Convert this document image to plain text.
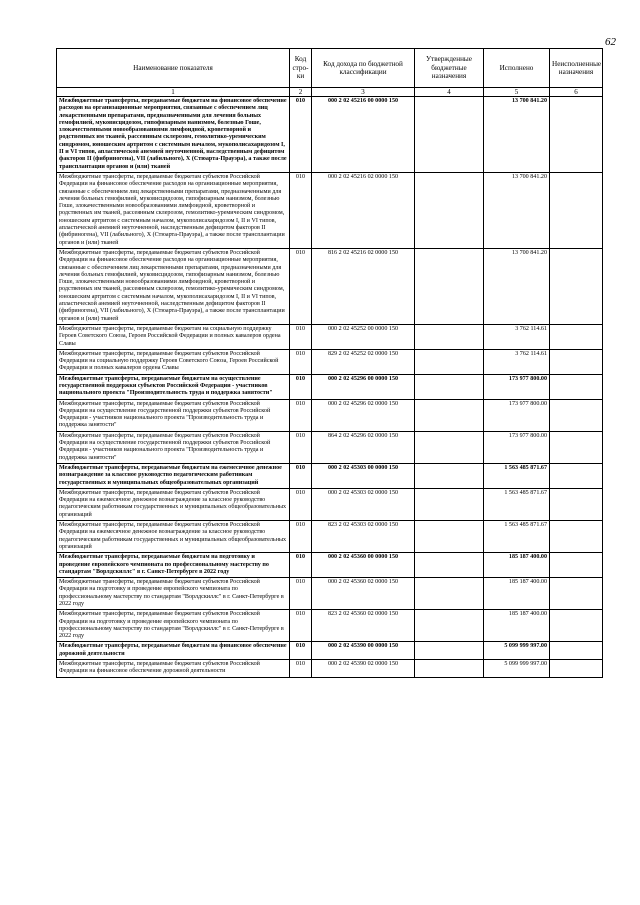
62
Наименование показателя	Код стро-ки	Код дохода по бюджетной классификации	Утвержденные бюджетные назначения	Исполнено	Неисполненные назначения
1	2	3	4	5	6
Межбюджетные трансферты, передаваемые бюджетам на финансовое обеспечение расходов на организационные мероприятия, связанные с обеспечением лиц лекарственными препаратами, предназначенными для лечения больных гемофилией, муковисцидозом, гипофизарным нанизмом, болезнью Гоше, злокачественными новообразованиями лимфоидной, кроветворной и родственных им тканей, рассеянным склерозом, гемолитико-уремическим синдромом, юношеским артритом с системным началом, мукополисахаридозом I, II и VI типов, апластической анемией неуточненной, наследственным дефицитом факторов II (фибриногена), VII (лабильного), X (Стюарта-Прауэра), а также после трансплантации органов и (или) тканей	010	000 2 02 45216 00 0000 150		13 700 841.20	
Межбюджетные трансферты, передаваемые бюджетам субъектов Российской Федерации на финансовое обеспечение расходов на организационные мероприятия, связанные с обеспечением лиц лекарственными препаратами, предназначенными для лечения больных гемофилией, муковисцидозом, гипофизарным нанизмом, болезнью Гоше, злокачественными новообразованиями лимфоидной, кроветворной и родственных им тканей, рассеянным склерозом, гемолитико-уремическим синдромом, юношеским артритом с системным началом, мукополисахаридозом I, II и VI типов, апластической анемией неуточненной, наследственным дефицитом факторов II (фибриногена), VII (лабильного), X (Стюарта-Прауэра), а также после трансплантации органов и (или) тканей	010	000 2 02 45216 02 0000 150		13 700 841.20	
Межбюджетные трансферты, передаваемые бюджетам субъектов Российской Федерации на финансовое обеспечение расходов на организационные мероприятия, связанные с обеспечением лиц лекарственными препаратами, предназначенными для лечения больных гемофилией, муковисцидозом, гипофизарным нанизмом, болезнью Гоше, злокачественными новообразованиями лимфоидной, кроветворной и родственных им тканей, рассеянным склерозом, гемолитико-уремическим синдромом, юношеским артритом с системным началом, мукополисахаридозом I, II и VI типов, апластической анемией неуточненной, наследственным дефицитом факторов II (фибриногена), VII (лабильного), X (Стюарта-Прауэра), а также после трансплантации органов и (или) тканей	010	816 2 02 45216 02 0000 150		13 700 841.20	
Межбюджетные трансферты, передаваемые бюджетам на социальную поддержку Героев Советского Союза, Героев Российской Федерации и полных кавалеров ордена Славы	010	000 2 02 45252 00 0000 150		3 762 114.61	
Межбюджетные трансферты, передаваемые бюджетам субъектов Российской Федерации на социальную поддержку Героев Советского Союза, Героев Российской Федерации и полных кавалеров ордена Славы	010	829 2 02 45252 02 0000 150		3 762 114.61	
Межбюджетные трансферты, передаваемые бюджетам на осуществление государственной поддержки субъектов Российской Федерации - участников национального проекта "Производительность труда и поддержка занятости"	010	000 2 02 45296 00 0000 150		173 977 800.00	
Межбюджетные трансферты, передаваемые бюджетам субъектов Российской Федерации на осуществление государственной поддержки субъектов Российской Федерации - участников национального проекта "Производительность труда и поддержка занятости"	010	000 2 02 45296 02 0000 150		173 977 800.00	
Межбюджетные трансферты, передаваемые бюджетам субъектов Российской Федерации на осуществление государственной поддержки субъектов Российской Федерации - участников национального проекта "Производительность труда и поддержка занятости"	010	864 2 02 45296 02 0000 150		173 977 800.00	
Межбюджетные трансферты, передаваемые бюджетам на ежемесячное денежное вознаграждение за классное руководство педагогическим работникам государственных и муниципальных общеобразовательных организаций	010	000 2 02 45303 00 0000 150		1 563 485 871.67	
Межбюджетные трансферты, передаваемые бюджетам субъектов Российской Федерации на ежемесячное денежное вознаграждение за классное руководство педагогическим работникам государственных и муниципальных общеобразовательных организаций	010	000 2 02 45303 02 0000 150		1 563 485 871.67	
Межбюджетные трансферты, передаваемые бюджетам субъектов Российской Федерации на ежемесячное денежное вознаграждение за классное руководство педагогическим работникам государственных и муниципальных общеобразовательных организаций	010	823 2 02 45303 02 0000 150		1 563 485 871.67	
Межбюджетные трансферты, передаваемые бюджетам на подготовку и проведение европейского чемпионата по профессиональному мастерству по стандартам "Ворлдскиллс" в г. Санкт-Петербурге в 2022 году	010	000 2 02 45360 00 0000 150		185 187 400.00	
Межбюджетные трансферты, передаваемые бюджетам субъектов Российской Федерации на подготовку и проведение европейского чемпионата по профессиональному мастерству по стандартам "Ворлдскиллс" в г. Санкт-Петербурге в 2022 году	010	000 2 02 45360 02 0000 150		185 187 400.00	
Межбюджетные трансферты, передаваемые бюджетам субъектов Российской Федерации на подготовку и проведение европейского чемпионата по профессиональному мастерству по стандартам "Ворлдскиллс" в г. Санкт-Петербурге в 2022 году	010	823 2 02 45360 02 0000 150		185 187 400.00	
Межбюджетные трансферты, передаваемые бюджетам на финансовое обеспечение дорожной деятельности	010	000 2 02 45390 00 0000 150		5 099 999 997.00	
Межбюджетные трансферты, передаваемые бюджетам субъектов Российской Федерации на финансовое обеспечение дорожной деятельности	010	000 2 02 45390 02 0000 150		5 099 999 997.00	
